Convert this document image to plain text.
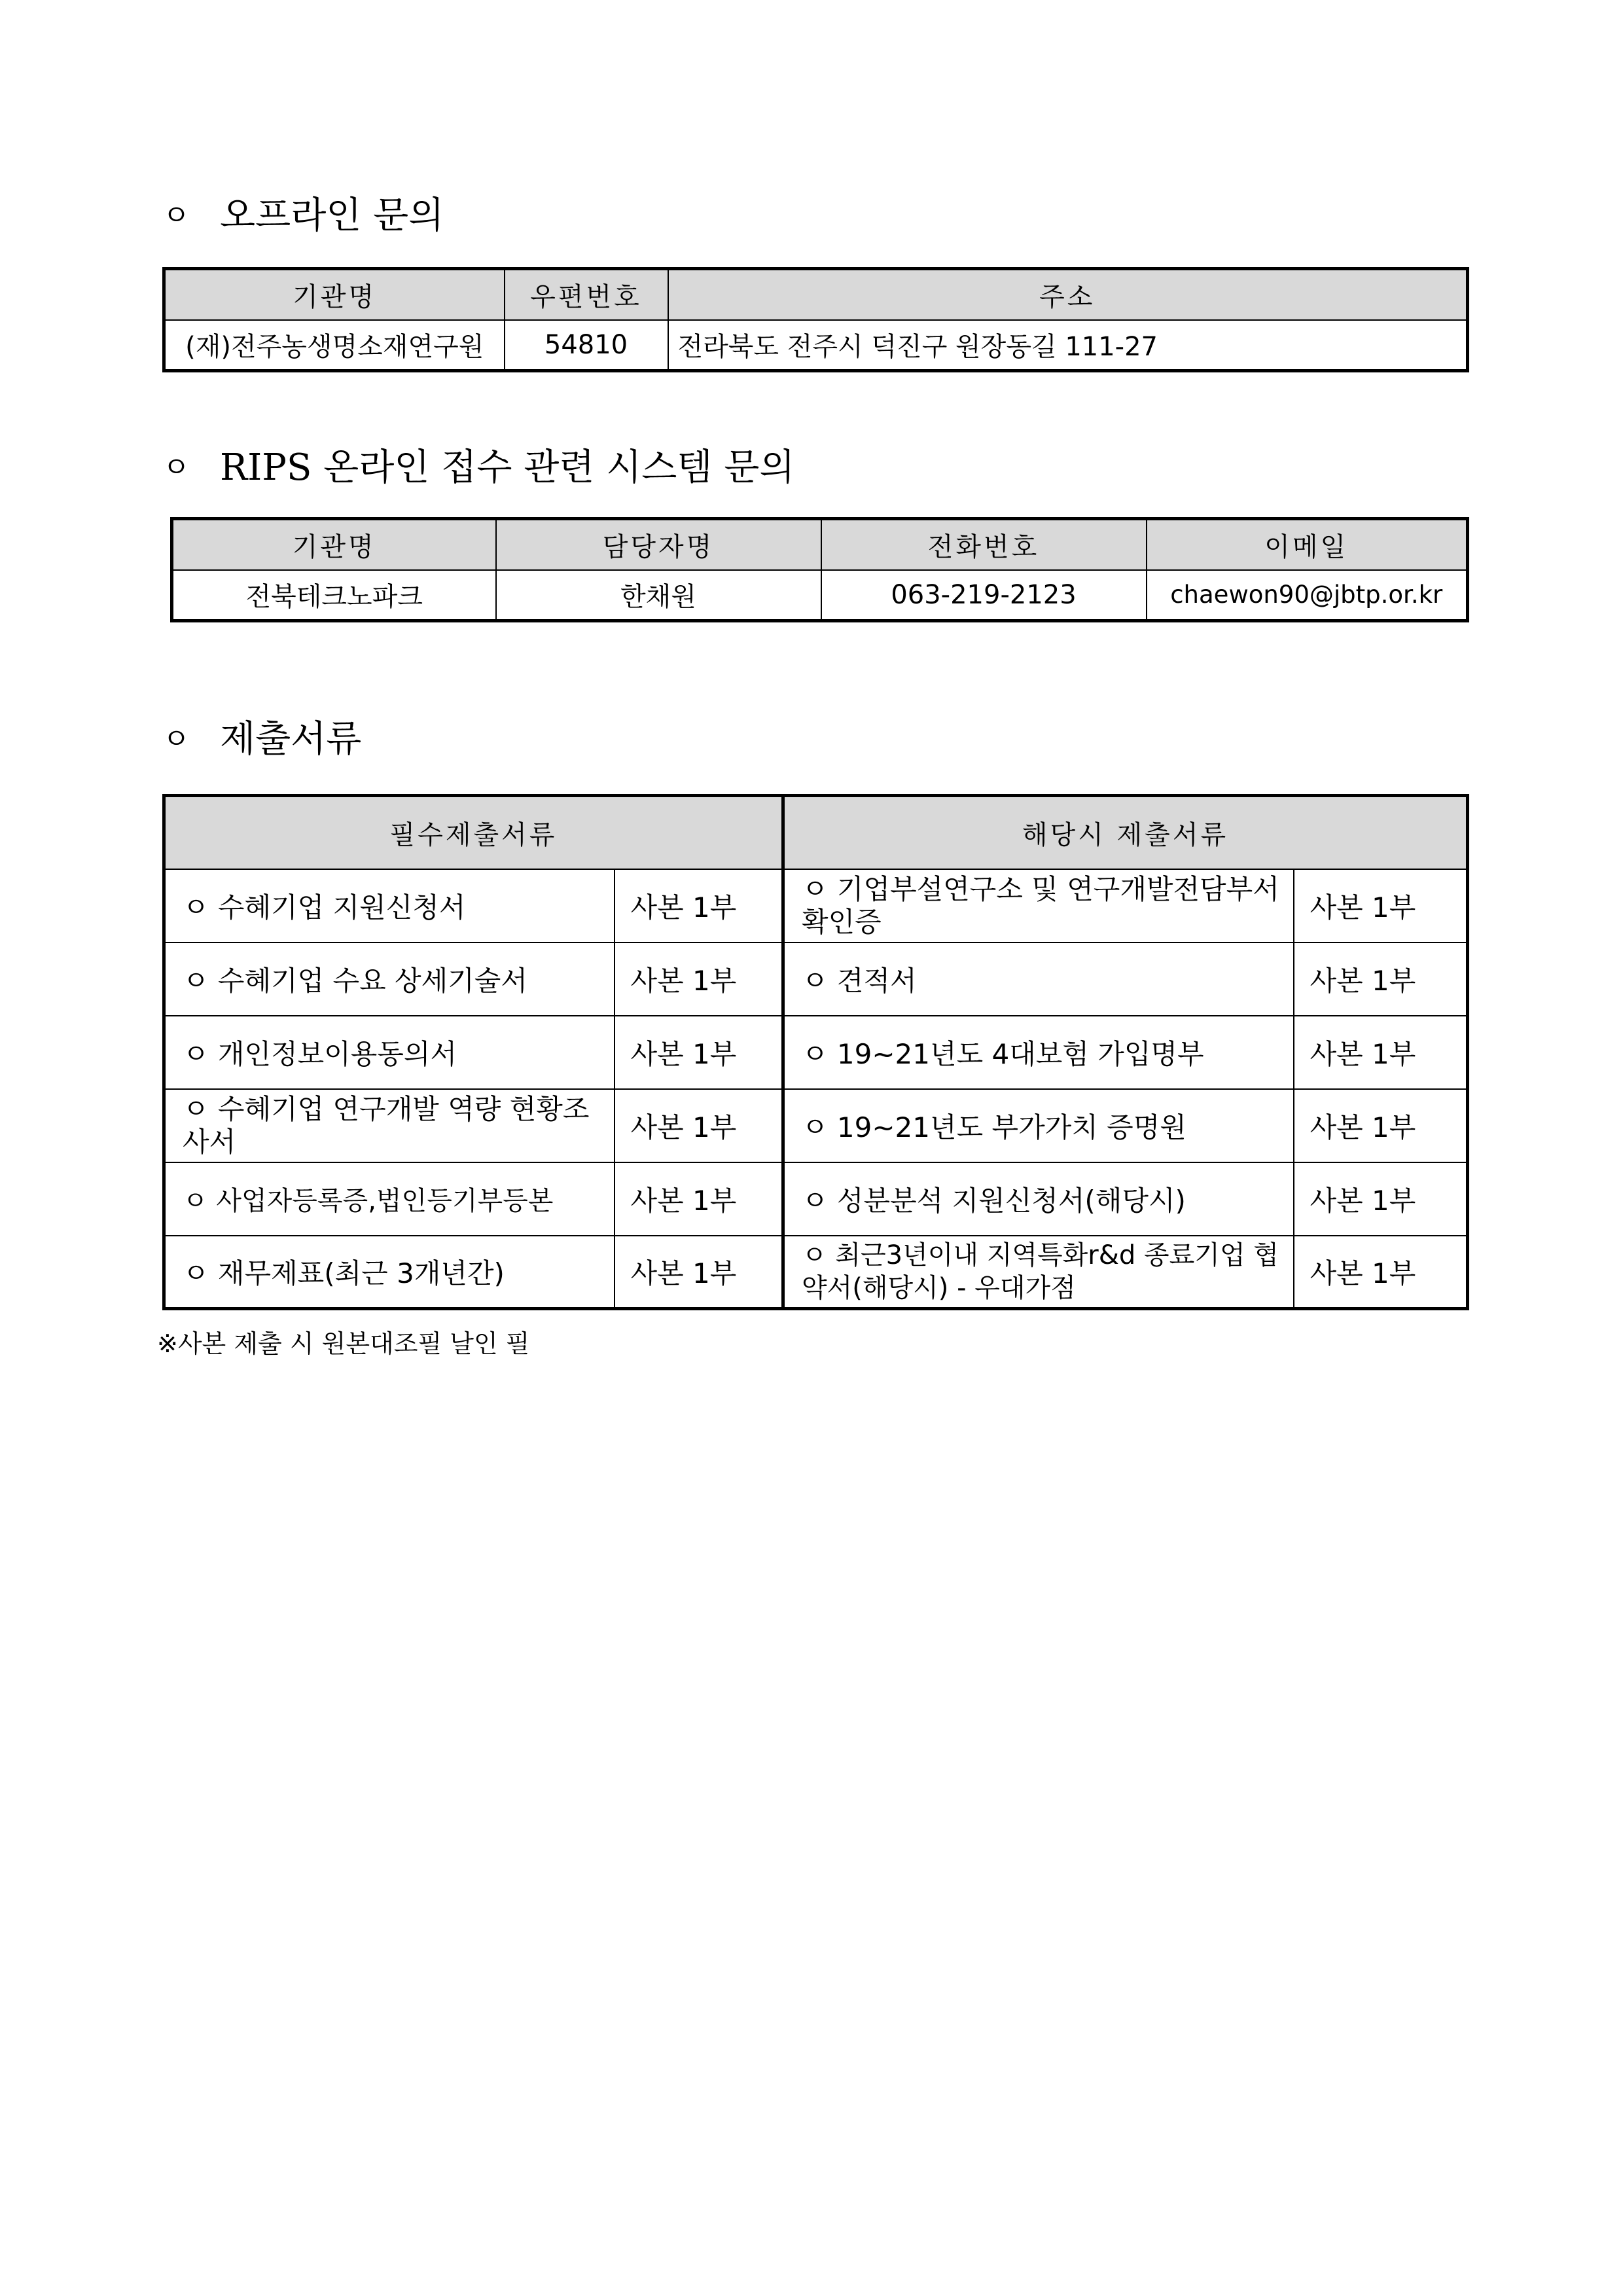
ㅇ 오프라인 문의
기관명	우편번호	주소
(재)전주농생명소재연구원	54810	전라북도 전주시 덕진구 원장동길 111-27
ㅇ RIPS 온라인 접수 관련 시스템 문의
기관명	담당자명	전화번호	이메일
전북테크노파크	한채원	063-219-2123	chaewon90@jbtp.or.kr
ㅇ 제출서류
필수제출서류		해당시 제출서류	
ㅇ 수혜기업 지원신청서	사본 1부	ㅇ 기업부설연구소 및 연구개발전담부서 확인증	사본 1부
ㅇ 수혜기업 수요 상세기술서	사본 1부	ㅇ 견적서	사본 1부
ㅇ 개인정보이용동의서	사본 1부	ㅇ 19~21년도 4대보험 가입명부	사본 1부
ㅇ 수혜기업 연구개발 역량 현황조사서	사본 1부	ㅇ 19~21년도 부가가치 증명원	사본 1부
ㅇ 사업자등록증,법인등기부등본	사본 1부	ㅇ 성분분석 지원신청서(해당시)	사본 1부
ㅇ 재무제표(최근 3개년간)	사본 1부	ㅇ 최근3년이내 지역특화r&d 종료기업 협약서(해당시) - 우대가점	사본 1부
※사본 제출 시 원본대조필 날인 필
